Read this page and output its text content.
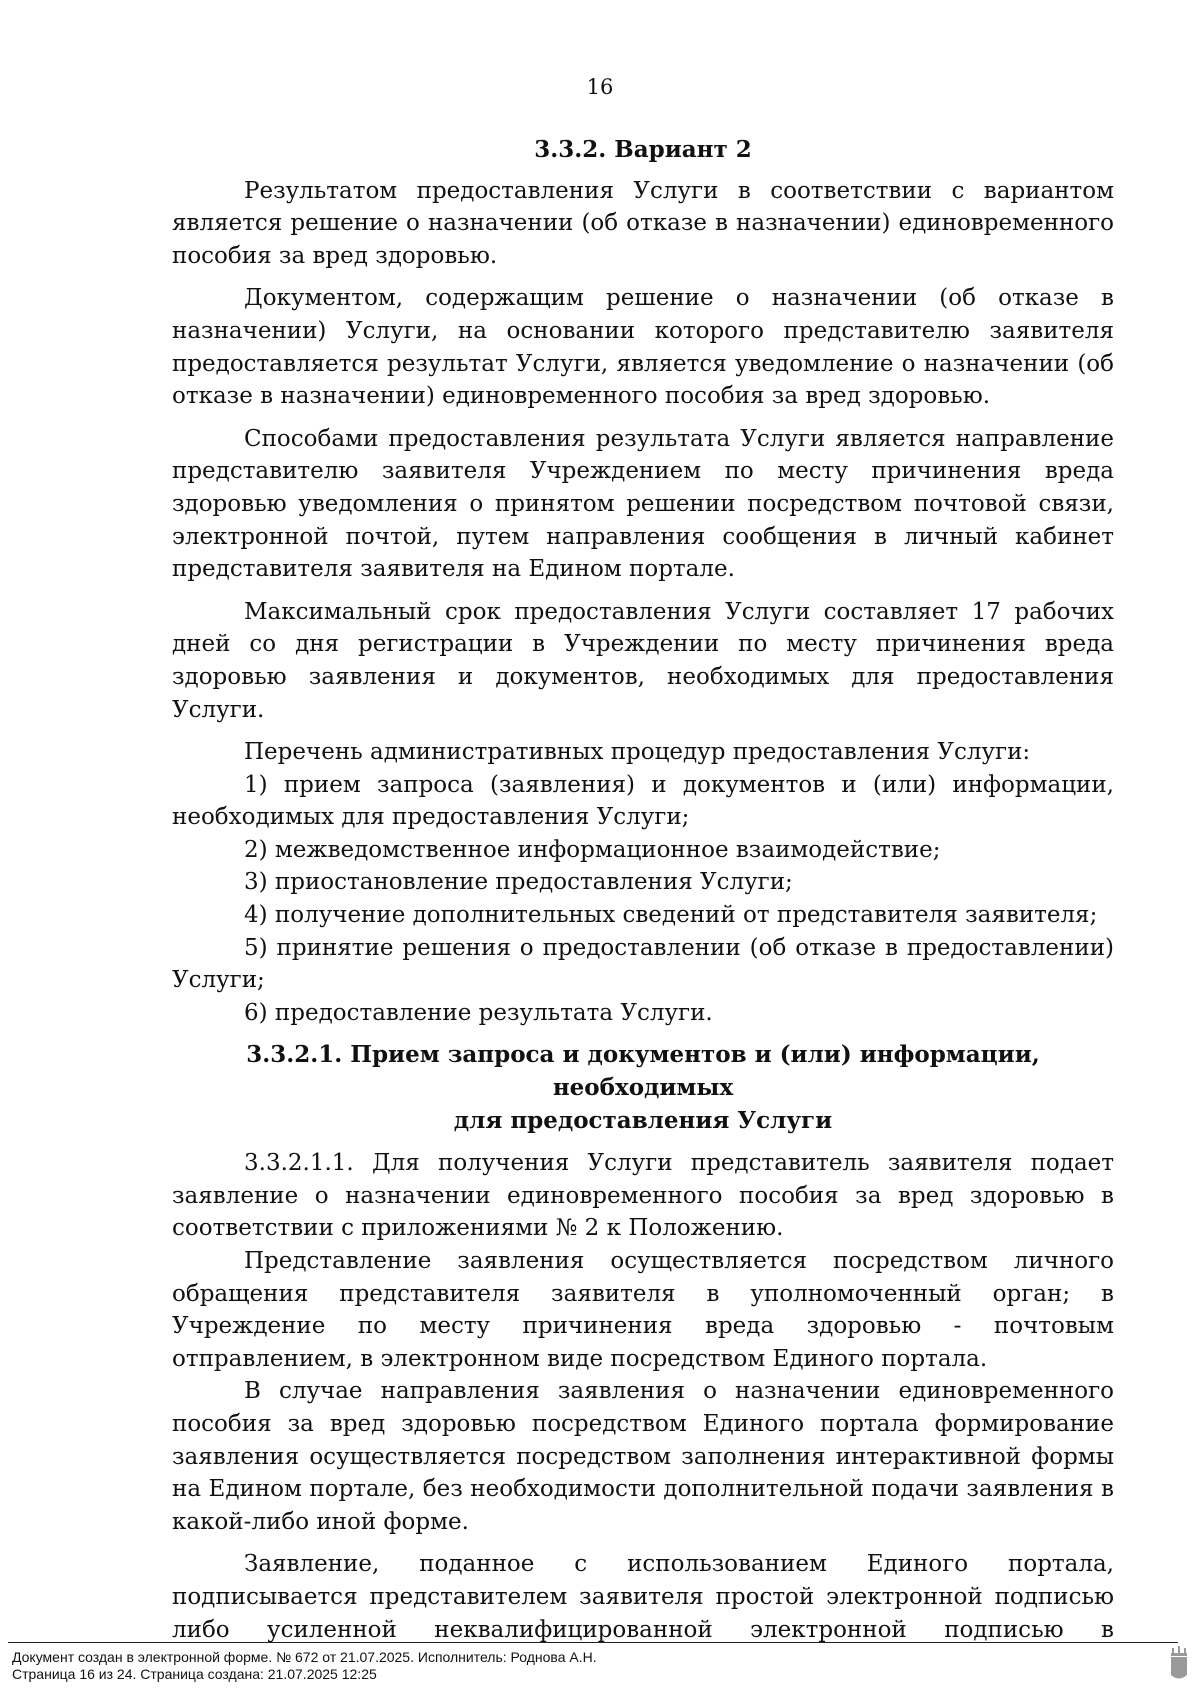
16
3.3.2. Вариант 2

Результатом предоставления Услуги в соответствии с вариантом является решение о назначении (об отказе в назначении) единовременного пособия за вред здоровью.

Документом, содержащим решение о назначении (об отказе в назначении) Услуги, на основании которого представителю заявителя предоставляется результат Услуги, является уведомление о назначении (об отказе в назначении) единовременного пособия за вред здоровью.

Способами предоставления результата Услуги является направление представителю заявителя Учреждением по месту причинения вреда здоровью уведомления о принятом решении посредством почтовой связи, электронной почтой, путем направления сообщения в личный кабинет представителя заявителя на Едином портале.

Максимальный срок предоставления Услуги составляет 17 рабочих дней со дня регистрации в Учреждении по месту причинения вреда здоровью заявления и документов, необходимых для предоставления Услуги.

Перечень административных процедур предоставления Услуги:

1) прием запроса (заявления) и документов и (или) информации, необходимых для предоставления Услуги;

2) межведомственное информационное взаимодействие;

3) приостановление предоставления Услуги;

4) получение дополнительных сведений от представителя заявителя;

5) принятие решения о предоставлении (об отказе в предоставлении) Услуги;

6) предоставление результата Услуги.

3.3.2.1. Прием запроса и документов и (или) информации, необходимых
для предоставления Услуги

3.3.2.1.1. Для получения Услуги представитель заявителя подает заявление о назначении единовременного пособия за вред здоровью в соответствии с приложениями № 2 к Положению.

Представление заявления осуществляется посредством личного обращения представителя заявителя в уполномоченный орган; в Учреждение по месту причинения вреда здоровью - почтовым отправлением, в электронном виде посредством Единого портала.

В случае направления заявления о назначении единовременного пособия за вред здоровью посредством Единого портала формирование заявления осуществляется посредством заполнения интерактивной формы на Едином портале, без необходимости дополнительной подачи заявления в какой-либо иной форме.

Заявление, поданное с использованием Единого портала, подписывается представителем заявителя простой электронной подписью либо усиленной неквалифицированной электронной подписью в

Документ создан в электронной форме. № 672 от 21.07.2025. Исполнитель: Роднова А.Н.
Страница 16 из 24. Страница создана: 21.07.2025 12:25
